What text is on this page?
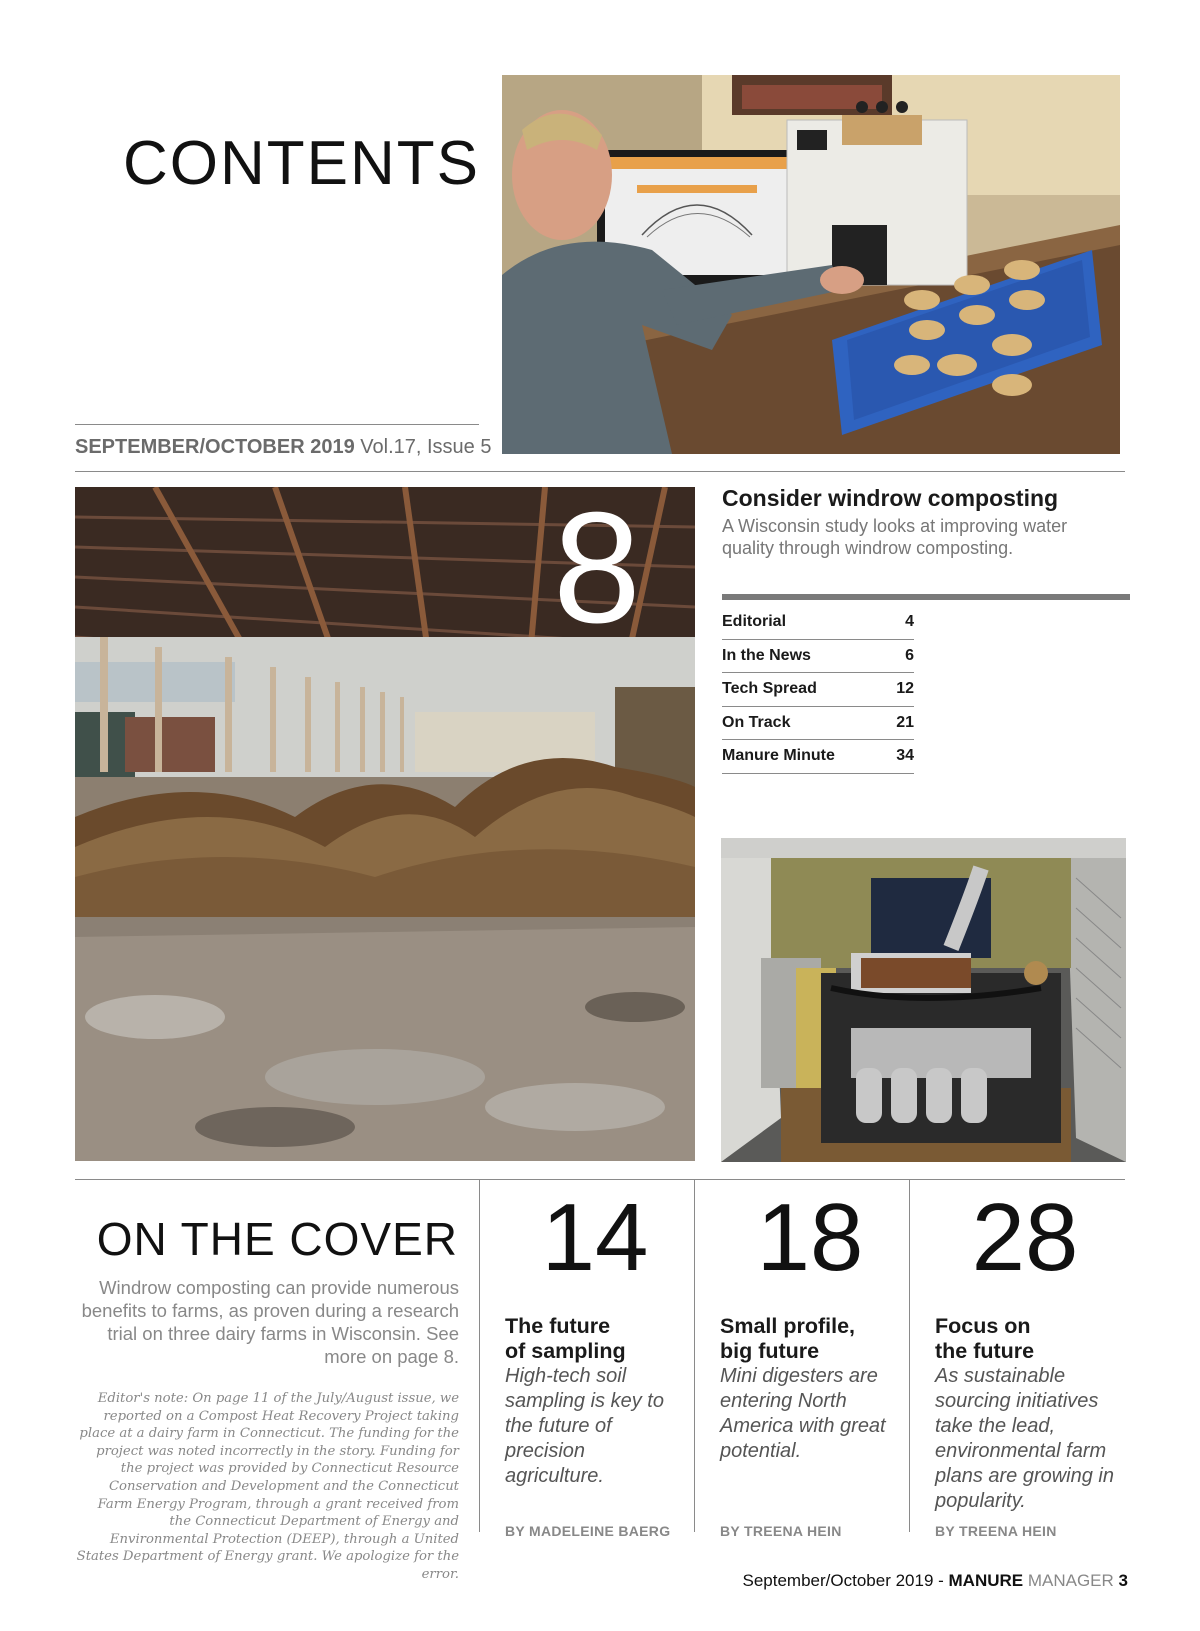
CONTENTS
SEPTEMBER/OCTOBER 2019 Vol.17, Issue 5
8	Consider windrow composting
A Wisconsin study looks at improving water quality through windrow composting.
Editorial	4
In the News	6
Tech Spread	12
On Track	21
Manure Minute	34
ON THE COVER
Windrow composting can provide numerous benefits to farms, as proven during a research trial on three dairy farms in Wisconsin. See more on page 8.
Editor's note: On page 11 of the July/August issue, we reported on a Compost Heat Recovery Project taking place at a dairy farm in Connecticut. The funding for the project was noted incorrectly in the story. Funding for the project was provided by Connecticut Resource Conservation and Development and the Connecticut Farm Energy Program, through a grant received from the Connecticut Department of Energy and Environmental Protection (DEEP), through a United States Department of Energy grant. We apologize for the error.
14
The future
of sampling
High-tech soil sampling is key to the future of precision agriculture.
BY MADELEINE BAERG
18
Small profile,
big future
Mini digesters are entering North America with great potential.
BY TREENA HEIN
28
Focus on
the future
As sustainable sourcing initiatives take the lead, environmental farm plans are growing in popularity.
BY TREENA HEIN
September/October 2019 - MANURE MANAGER 3
